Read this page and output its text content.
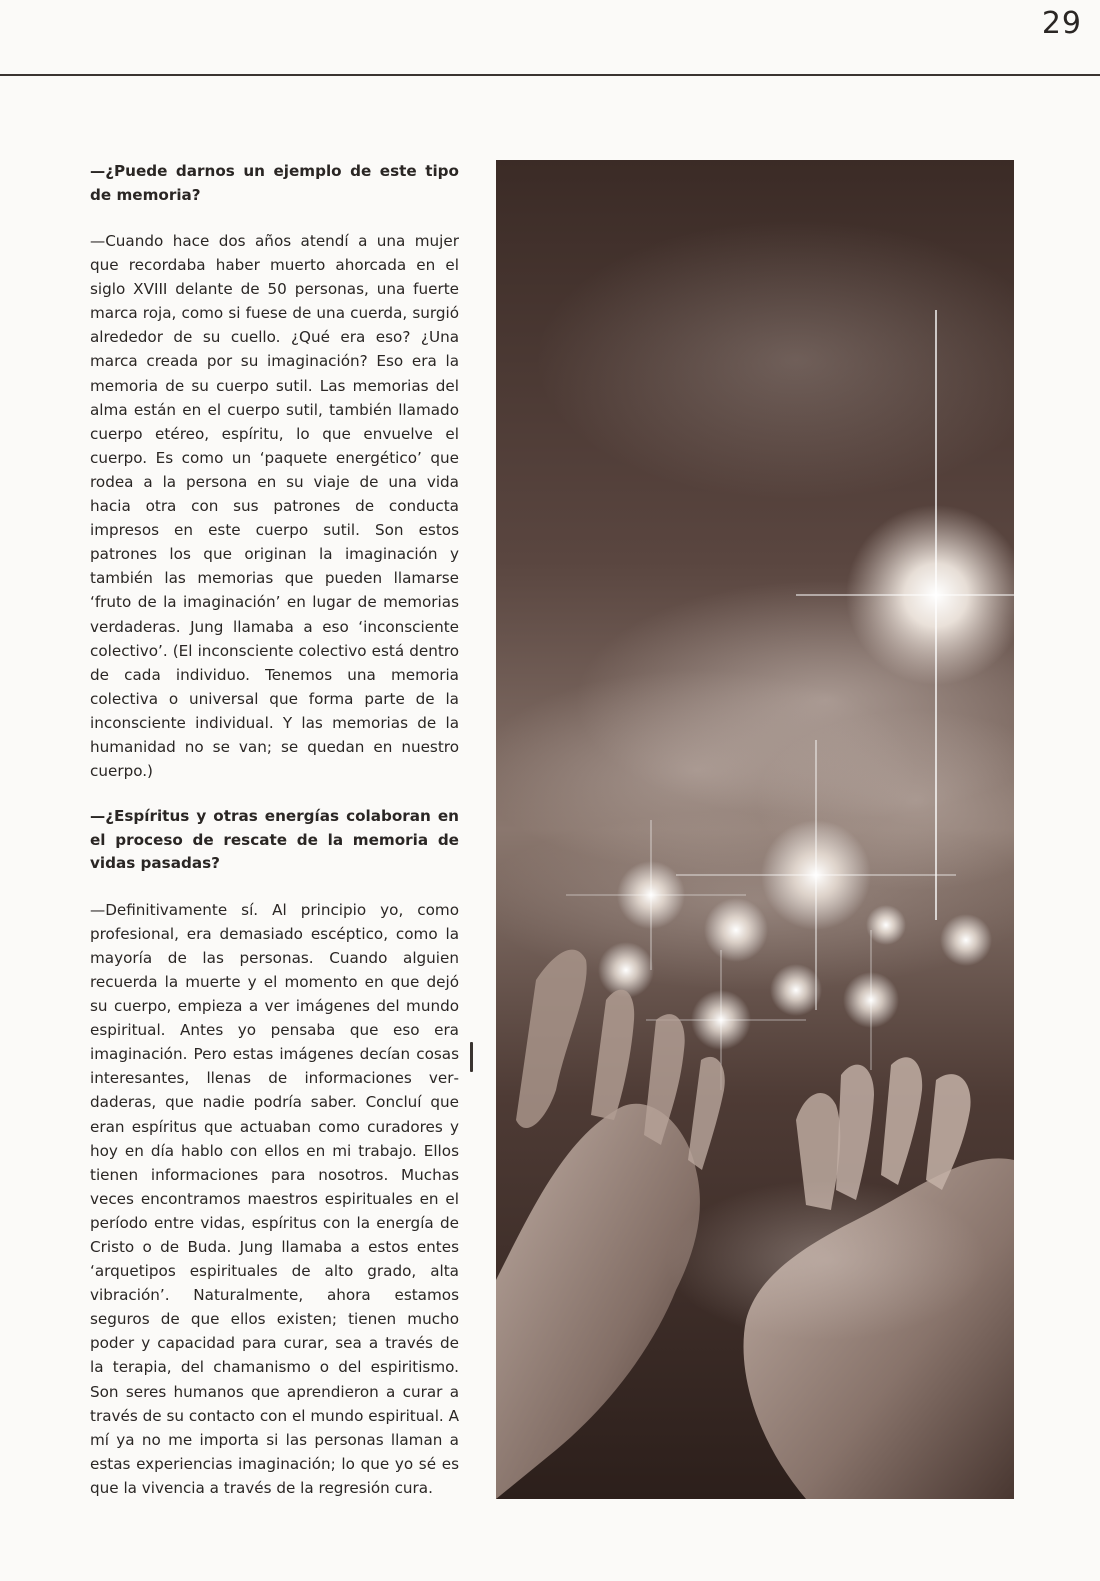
29

—¿Puede darnos un ejemplo de este tipo de memoria?

—Cuando hace dos años atendí a una mujer que recordaba haber muerto ahorcada en el siglo XVIII delante de 50 personas, una fuerte marca roja, como si fuese de una cuerda, surgió alrededor de su cuello. ¿Qué era eso? ¿Una marca creada por su imaginación? Eso era la memoria de su cuerpo sutil. Las memorias del alma están en el cuerpo sutil, también llamado cuerpo etéreo, espíritu, lo que envuelve el cuerpo. Es como un ‘paquete energético’ que rodea a la persona en su viaje de una vida hacia otra con sus patrones de conducta impresos en este cuerpo sutil. Son estos patrones los que originan la imaginación y también las memorias que pueden llamarse ‘fruto de la imaginación’ en lugar de memorias verdaderas. Jung llamaba a eso ‘inconsciente colectivo’. (El inconsciente colectivo está dentro de cada individuo. Tenemos una memoria colectiva o universal que forma parte de la inconsciente individual. Y las memorias de la humanidad no se van; se quedan en nuestro cuerpo.)

—¿Espíritus y otras energías colaboran en el proceso de rescate de la memoria de vidas pasadas?

—Definitivamente sí. Al principio yo, como profesional, era demasiado escéptico, como la mayoría de las personas. Cuando alguien recuerda la muerte y el momento en que dejó su cuerpo, empieza a ver imágenes del mundo espiritual. Antes yo pensaba que eso era imaginación. Pero estas imágenes decían cosas interesantes, llenas de informaciones verdaderas, que nadie podría saber. Concluí que eran espíritus que actuaban como curadores y hoy en día hablo con ellos en mi trabajo. Ellos tienen informaciones para nosotros. Muchas veces encontramos maestros espirituales en el período entre vidas, espíritus con la energía de Cristo o de Buda. Jung llamaba a estos entes ‘arquetipos espirituales de alto grado, alta vibración’. Naturalmente, ahora estamos seguros de que ellos existen; tienen mucho poder y capacidad para curar, sea a través de la terapia, del chamanismo o del espiritismo. Son seres humanos que aprendieron a curar a través de su contacto con el mundo espiritual. A mí ya no me importa si las personas llaman a estas experiencias imaginación; lo que yo sé es que la vivencia a través de la regresión cura.
